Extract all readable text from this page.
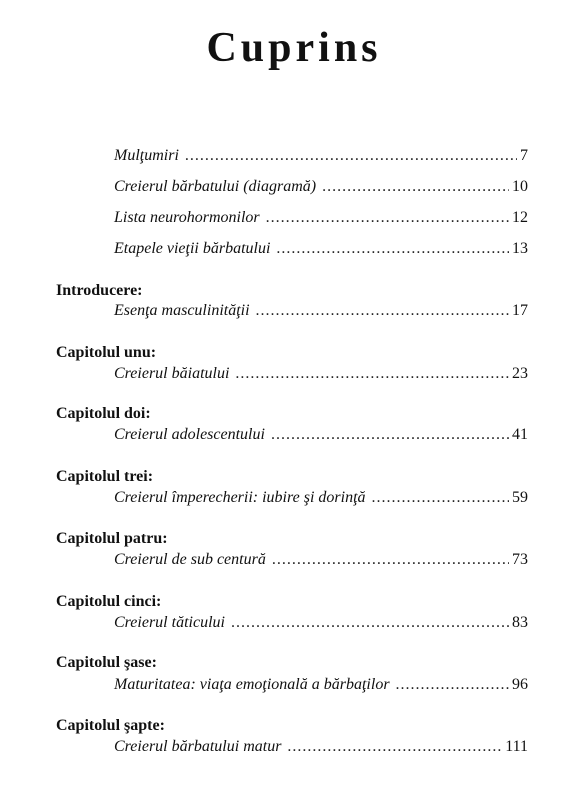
Cuprins
Mulţumiri .....	7
Creierul bărbatului (diagramă) .....	10
Lista neurohormonilor .....	12
Etapele vieţii bărbatului .....	13
Introducere:
Esenţa masculinităţii .....	17
Capitolul unu:
Creierul băiatului .....	23
Capitolul doi:
Creierul adolescentului .....	41
Capitolul trei:
Creierul împerecherii: iubire şi dorinţă .....	59
Capitolul patru:
Creierul de sub centură .....	73
Capitolul cinci:
Creierul tăticului .....	83
Capitolul şase:
Maturitatea: viaţa emoţională a bărbaţilor .....	96
Capitolul şapte:
Creierul bărbatului matur .....	111
